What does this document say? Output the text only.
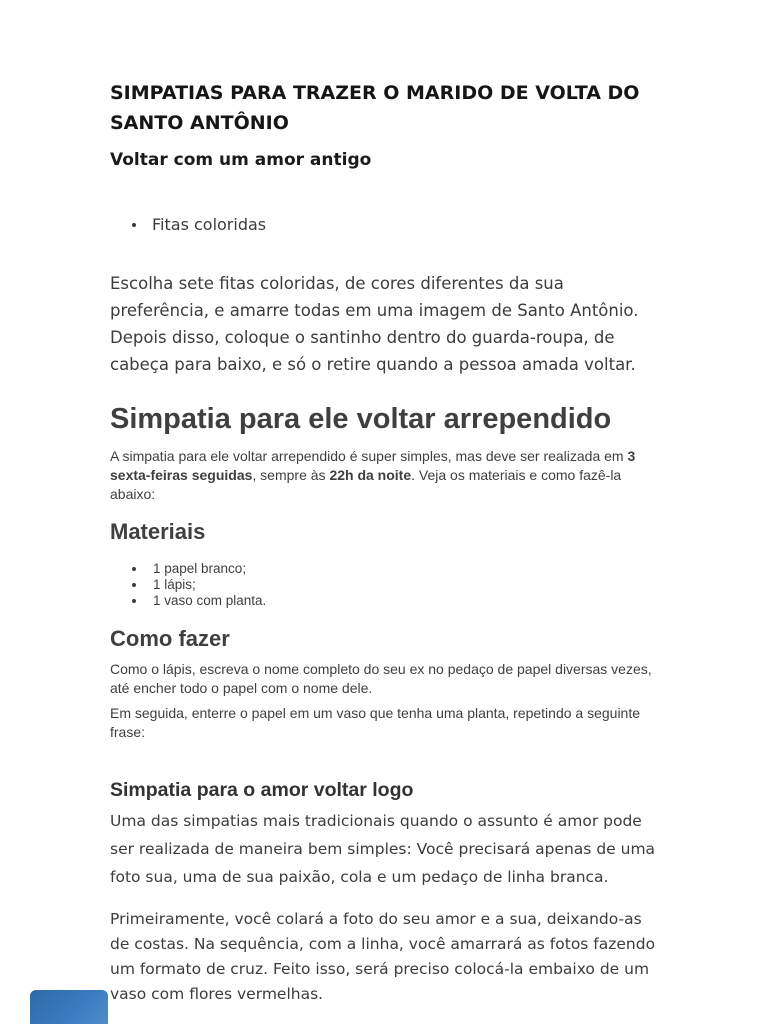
SIMPATIAS PARA TRAZER O MARIDO DE VOLTA DO
SANTO ANTÔNIO
Voltar com um amor antigo
Fitas coloridas
Escolha sete fitas coloridas, de cores diferentes da sua preferência, e amarre todas em uma imagem de Santo Antônio. Depois disso, coloque o santinho dentro do guarda-roupa, de cabeça para baixo, e só o retire quando a pessoa amada voltar.
Simpatia para ele voltar arrependido
A simpatia para ele voltar arrependido é super simples, mas deve ser realizada em 3 sexta-feiras seguidas, sempre às 22h da noite. Veja os materiais e como fazê-la abaixo:
Materiais
1 papel branco;
1 lápis;
1 vaso com planta.
Como fazer
Como o lápis, escreva o nome completo do seu ex no pedaço de papel diversas vezes, até encher todo o papel com o nome dele.
Em seguida, enterre o papel em um vaso que tenha uma planta, repetindo a seguinte frase:
Simpatia para o amor voltar logo
Uma das simpatias mais tradicionais quando o assunto é amor pode ser realizada de maneira bem simples: Você precisará apenas de uma foto sua, uma de sua paixão, cola e um pedaço de linha branca.
Primeiramente, você colará a foto do seu amor e a sua, deixando-as de costas. Na sequência, com a linha, você amarrará as fotos fazendo um formato de cruz. Feito isso, será preciso colocá-la embaixo de um vaso com flores vermelhas.
